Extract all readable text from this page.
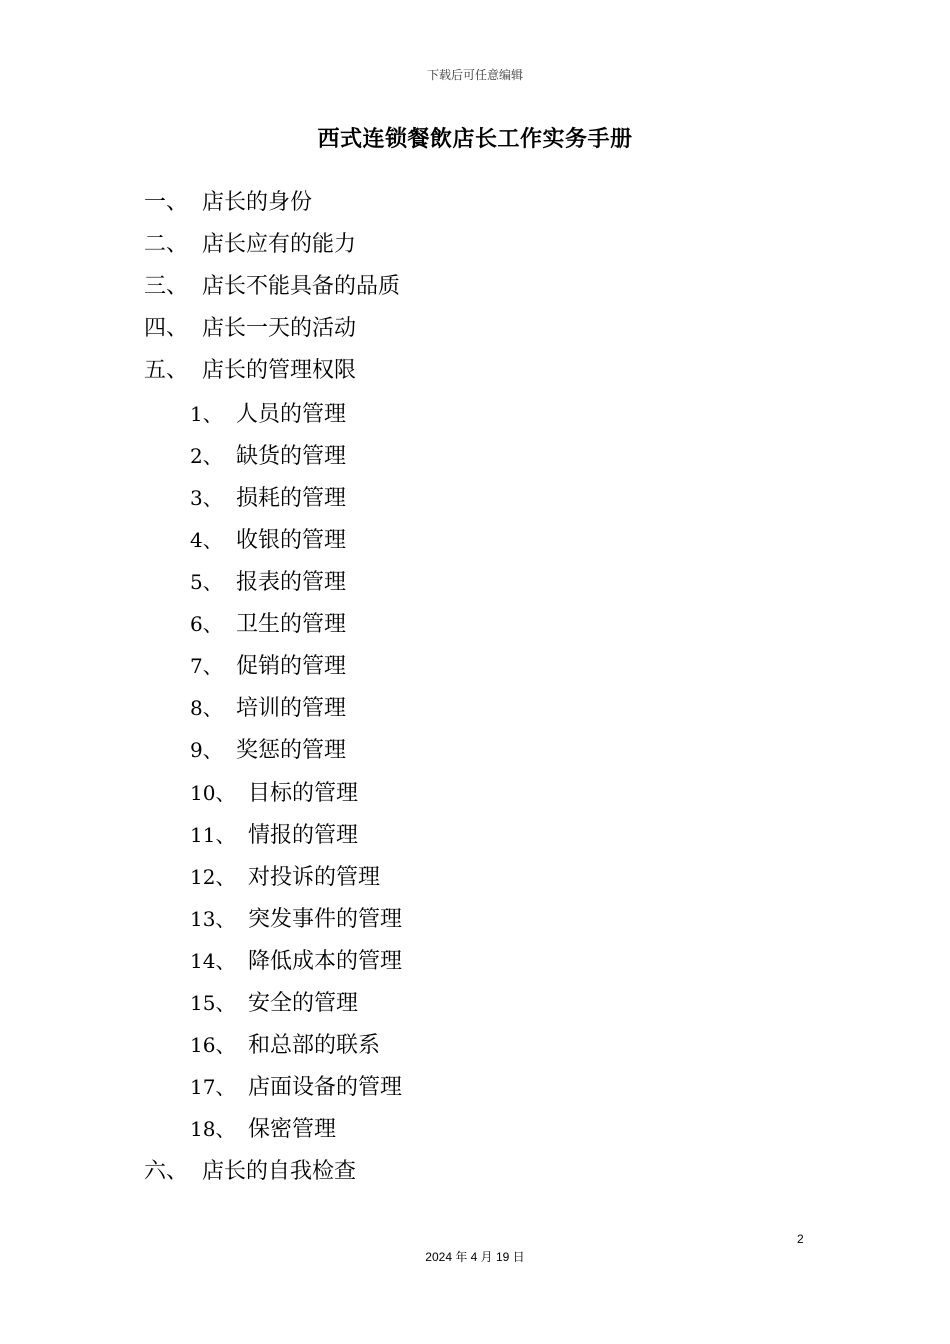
下载后可任意编辑
西式连锁餐飲店长工作实务手册
一、 店长的身份
二、 店长应有的能力
三、 店长不能具备的品质
四、 店长一天的活动
五、 店长的管理权限
1、 人员的管理
2、 缺货的管理
3、 损耗的管理
4、 收银的管理
5、 报表的管理
6、 卫生的管理
7、 促销的管理
8、 培训的管理
9、 奖惩的管理
10、 目标的管理
11、 情报的管理
12、 对投诉的管理
13、 突发事件的管理
14、 降低成本的管理
15、 安全的管理
16、 和总部的联系
17、 店面设备的管理
18、 保密管理
六、 店长的自我检查
2
2024 年 4 月 19 日
